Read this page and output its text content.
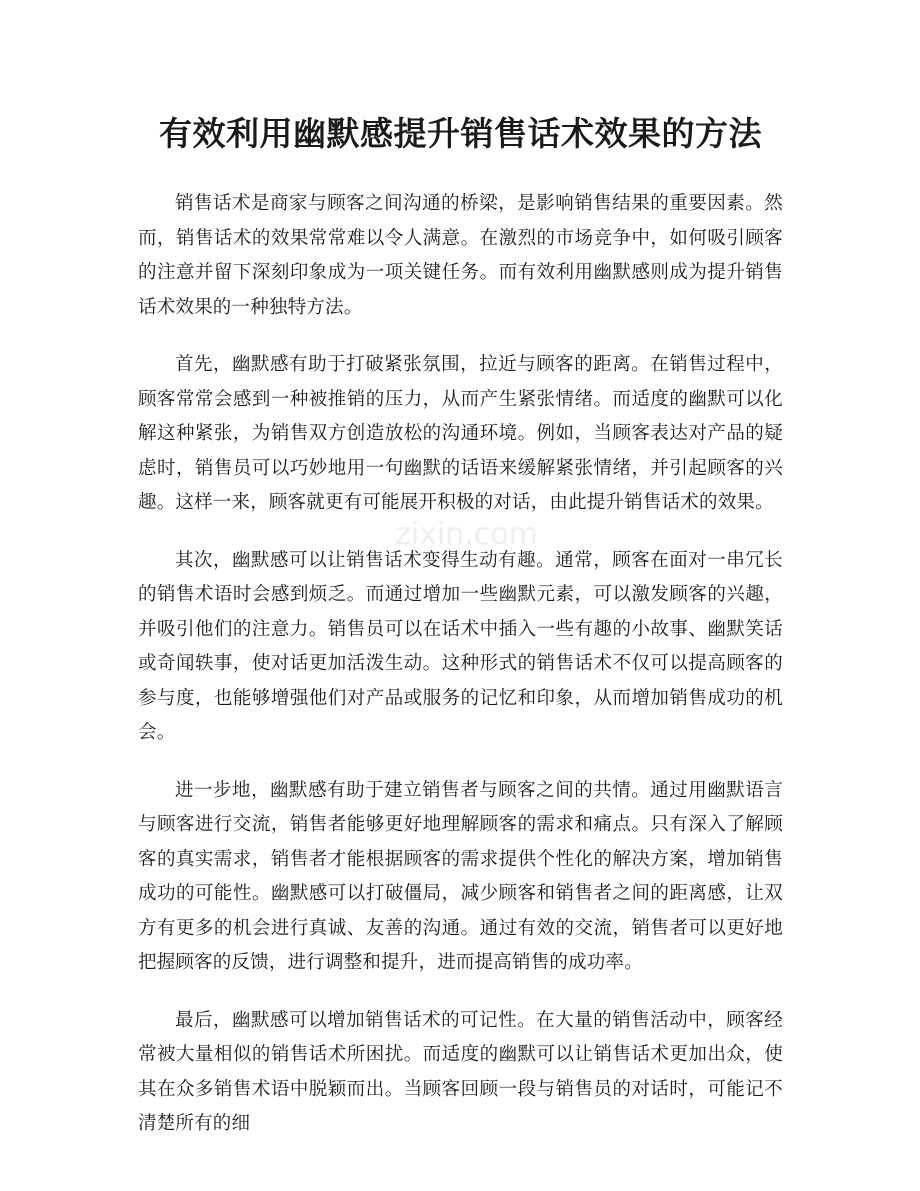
有效利用幽默感提升销售话术效果的方法

销售话术是商家与顾客之间沟通的桥梁，是影响销售结果的重要因素。然而，销售话术的效果常常难以令人满意。在激烈的市场竞争中，如何吸引顾客的注意并留下深刻印象成为一项关键任务。而有效利用幽默感则成为提升销售话术效果的一种独特方法。

首先，幽默感有助于打破紧张氛围，拉近与顾客的距离。在销售过程中，顾客常常会感到一种被推销的压力，从而产生紧张情绪。而适度的幽默可以化解这种紧张，为销售双方创造放松的沟通环境。例如，当顾客表达对产品的疑虑时，销售员可以巧妙地用一句幽默的话语来缓解紧张情绪，并引起顾客的兴趣。这样一来，顾客就更有可能展开积极的对话，由此提升销售话术的效果。

其次，幽默感可以让销售话术变得生动有趣。通常，顾客在面对一串冗长的销售术语时会感到烦乏。而通过增加一些幽默元素，可以激发顾客的兴趣，并吸引他们的注意力。销售员可以在话术中插入一些有趣的小故事、幽默笑话或奇闻轶事，使对话更加活泼生动。这种形式的销售话术不仅可以提高顾客的参与度，也能够增强他们对产品或服务的记忆和印象，从而增加销售成功的机会。

进一步地，幽默感有助于建立销售者与顾客之间的共情。通过用幽默语言与顾客进行交流，销售者能够更好地理解顾客的需求和痛点。只有深入了解顾客的真实需求，销售者才能根据顾客的需求提供个性化的解决方案，增加销售成功的可能性。幽默感可以打破僵局，减少顾客和销售者之间的距离感，让双方有更多的机会进行真诚、友善的沟通。通过有效的交流，销售者可以更好地把握顾客的反馈，进行调整和提升，进而提高销售的成功率。

最后，幽默感可以增加销售话术的可记性。在大量的销售活动中，顾客经常被大量相似的销售话术所困扰。而适度的幽默可以让销售话术更加出众，使其在众多销售术语中脱颖而出。当顾客回顾一段与销售员的对话时，可能记不清楚所有的细

zixin.com
